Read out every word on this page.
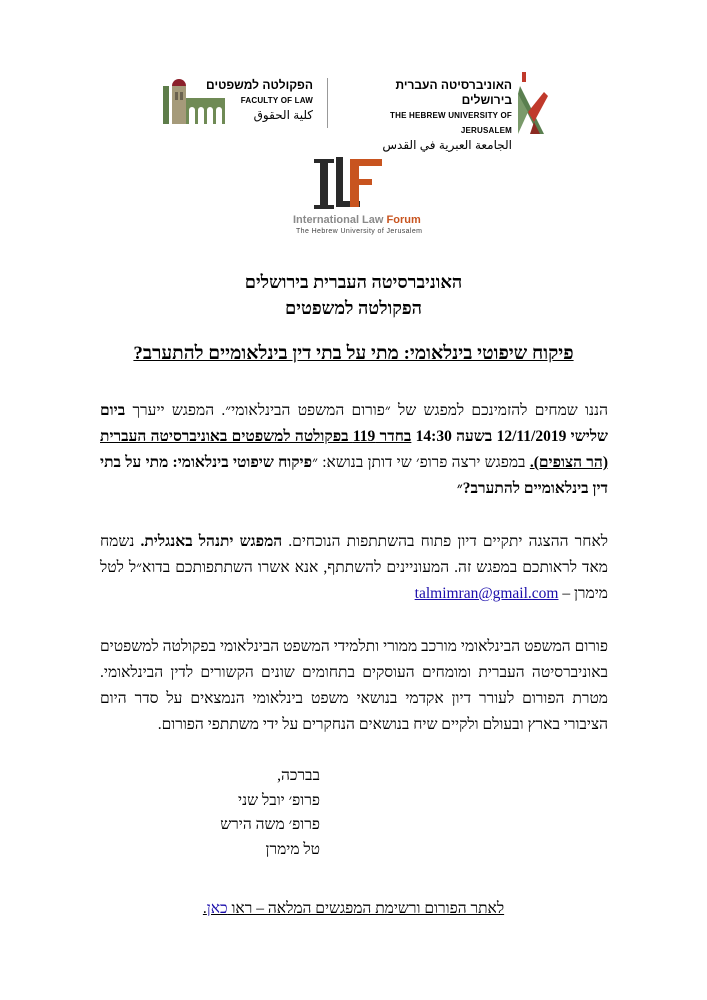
האוניברסיטה העברית בירושלים
THE HEBREW UNIVERSITY OF JERUSALEM
الجامعة العبرية في القدس
הפקולטה למשפטים
FACULTY OF LAW
كلية الحقوق
International Law Forum
The Hebrew University of Jerusalem
האוניברסיטה העברית בירושלים
הפקולטה למשפטים
פיקוח שיפוטי בינלאומי: מתי על בתי דין בינלאומיים להתערב?
הננו שמחים להזמינכם למפגש של ״פורום המשפט הבינלאומי״. המפגש ייערך ביום שלישי 12/11/2019 בשעה 14:30 בחדר 119 בפקולטה למשפטים באוניברסיטה העברית (הר הצופים). במפגש ירצה פרופ׳ שי דותן בנושא: ״פיקוח שיפוטי בינלאומי: מתי על בתי דין בינלאומיים להתערב?״
לאחר ההצגה יתקיים דיון פתוח בהשתתפות הנוכחים. המפגש יתנהל באנגלית. נשמח מאד לראותכם במפגש זה. המעוניינים להשתתף, אנא אשרו השתתפותכם בדוא״ל לטל מימרן – talmimran@gmail.com
פורום המשפט הבינלאומי מורכב ממורי ותלמידי המשפט הבינלאומי בפקולטה למשפטים באוניברסיטה העברית ומומחים העוסקים בתחומים שונים הקשורים לדין הבינלאומי. מטרת הפורום לעורר דיון אקדמי בנושאי משפט בינלאומי הנמצאים על סדר היום הציבורי בארץ ובעולם ולקיים שיח בנושאים הנחקרים על ידי משתתפי הפורום.
בברכה,
פרופ׳ יובל שני
פרופ׳ משה הירש
טל מימרן
לאתר הפורום ורשימת המפגשים המלאה – ראו כאן.
